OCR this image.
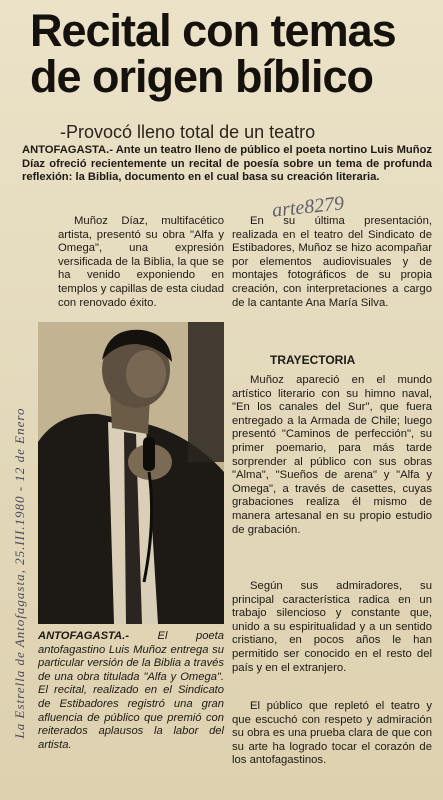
Recital con temas de origen bíblico

-Provocó lleno total de un teatro

ANTOFAGASTA.- Ante un teatro lleno de público el poeta nortino Luis Muñoz Díaz ofreció recientemente un recital de poesía sobre un tema de profunda reflexión: la Biblia, documento en el cual basa su creación literaria.

Muñoz Díaz, multifacético artista, presentó su obra "Alfa y Omega", una expresión versificada de la Biblia, la que se ha venido exponiendo en templos y capillas de esta ciudad con renovado éxito.

En su última presentación, realizada en el teatro del Sindicato de Estibadores, Muñoz se hizo acompañar por elementos audiovisuales y de montajes fotográficos de su propia creación, con interpretaciones a cargo de la cantante Ana María Silva.

TRAYECTORIA

Muñoz apareció en el mundo artístico literario con su himno naval, "En los canales del Sur", que fuera entregado a la Armada de Chile; luego presentó "Caminos de perfección", su primer poemario, para más tarde sorprender al público con sus obras "Alma", "Sueños de arena" y "Alfa y Omega", a través de casettes, cuyas grabaciones realiza él mismo de manera artesanal en su propio estudio de grabación.

Según sus admiradores, su principal característica radica en un trabajo silencioso y constante que, unido a su espiritualidad y a un sentido cristiano, en pocos años le han permitido ser conocido en el resto del país y en el extranjero.

El público que repletó el teatro y que escuchó con respeto y admiración su obra es una prueba clara de que con su arte ha logrado tocar el corazón de los antofagastinos.

ANTOFAGASTA.- El poeta antofagastino Luis Muñoz entrega su particular versión de la Biblia a través de una obra titulada "Alfa y Omega". El recital, realizado en el Sindicato de Estibadores registró una gran afluencia de público que premió con reiterados aplausos la labor del artista.

arte8279

La Estrella de Antofagasta, 25.III.1980 - 12 de Enero
